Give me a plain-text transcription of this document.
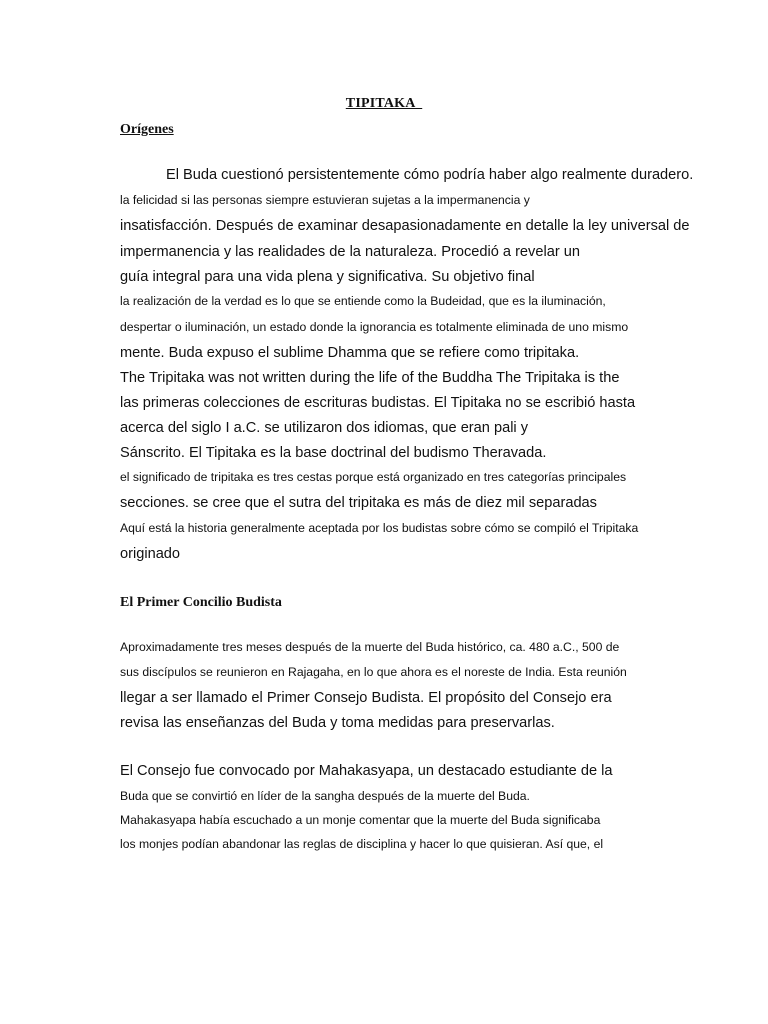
TIPITAKA
Orígenes
El Buda cuestionó persistentemente cómo podría haber algo realmente duradero.
la felicidad si las personas siempre estuvieran sujetas a la impermanencia y
insatisfacción. Después de examinar desapasionadamente en detalle la ley universal de
impermanencia y las realidades de la naturaleza. Procedió a revelar un
guía integral para una vida plena y significativa. Su objetivo final
la realización de la verdad es lo que se entiende como la Budeidad, que es la iluminación,
despertar o iluminación, un estado donde la ignorancia es totalmente eliminada de uno mismo
mente. Buda expuso el sublime Dhamma que se refiere como tripitaka.
The Tripitaka was not written during the life of the Buddha The Tripitaka is the
las primeras colecciones de escrituras budistas. El Tipitaka no se escribió hasta
acerca del siglo I a.C. se utilizaron dos idiomas, que eran pali y
Sánscrito. El Tipitaka es la base doctrinal del budismo Theravada.
el significado de tripitaka es tres cestas porque está organizado en tres categorías principales
secciones. se cree que el sutra del tripitaka es más de diez mil separadas
Aquí está la historia generalmente aceptada por los budistas sobre cómo se compiló el Tripitaka
originado
El Primer Concilio Budista
Aproximadamente tres meses después de la muerte del Buda histórico, ca. 480 a.C., 500 de
sus discípulos se reunieron en Rajagaha, en lo que ahora es el noreste de India. Esta reunión
llegar a ser llamado el Primer Consejo Budista. El propósito del Consejo era
revisa las enseñanzas del Buda y toma medidas para preservarlas.
El Consejo fue convocado por Mahakasyapa, un destacado estudiante de la
Buda que se convirtió en líder de la sangha después de la muerte del Buda.
Mahakasyapa había escuchado a un monje comentar que la muerte del Buda significaba
los monjes podían abandonar las reglas de disciplina y hacer lo que quisieran. Así que, el
